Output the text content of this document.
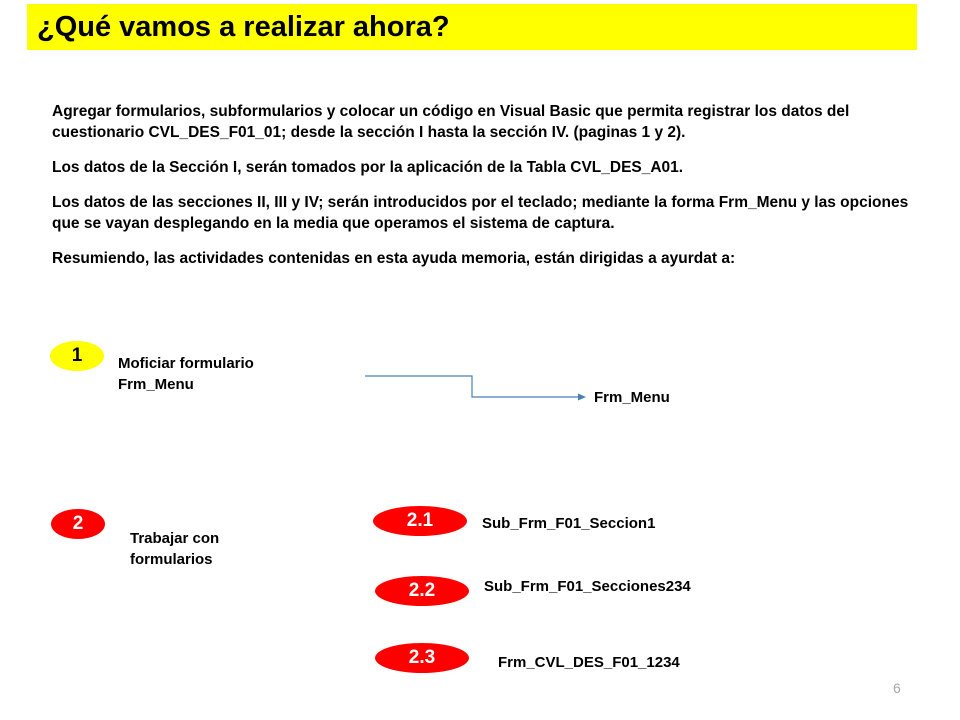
¿Qué vamos a realizar ahora?

Agregar formularios, subformularios y colocar un código en Visual Basic que permita registrar los datos del cuestionario CVL_DES_F01_01; desde la sección I hasta la sección IV. (paginas 1 y 2).

Los datos de la Sección I, serán tomados por la aplicación de la Tabla CVL_DES_A01.

Los datos de las secciones II, III y IV; serán introducidos por el teclado; mediante la forma Frm_Menu y las opciones que se vayan desplegando en la media que operamos el sistema de captura.

Resumiendo, las actividades contenidas en esta ayuda memoria, están dirigidas a ayurdat a:

1	Moficiar formulario
Frm_Menu
Frm_Menu
2
Trabajar con
formularios
2.1	Sub_Frm_F01_Seccion1
2.2	Sub_Frm_F01_Secciones234
2.3	Frm_CVL_DES_F01_1234
6
